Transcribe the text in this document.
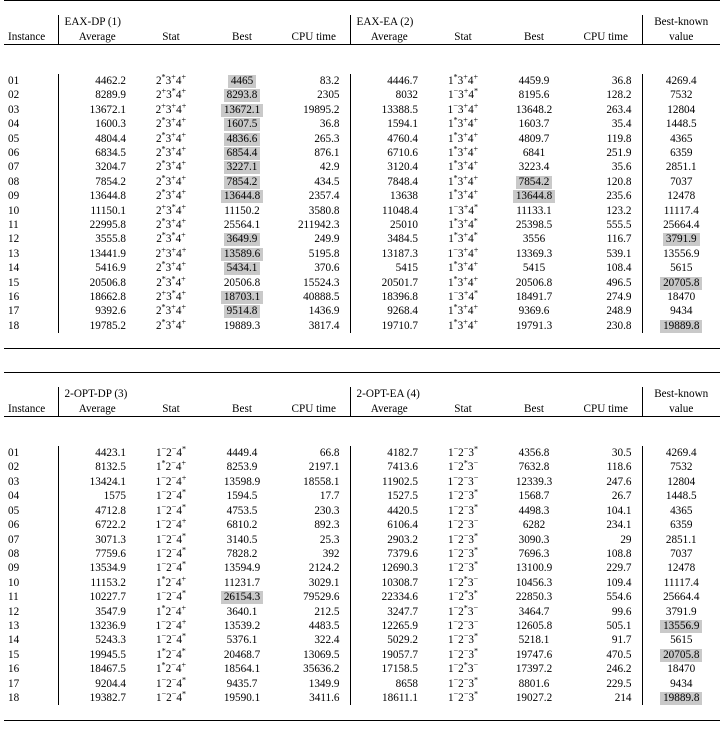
Instance	EAX-DP (1)				EAX-EA (2)				Best-known
	Average	Stat	Best	CPU time	Average	Stat	Best	CPU time	value

01	4462.2	2*3+4+	4465	83.2	4446.7	1*3+4+	4459.9	36.8	4269.4
02	8289.9	2+3*4+	8293.8	2305	8032	1−3+4*	8195.6	128.2	7532
03	13672.1	2+3+4+	13672.1	19895.2	13388.5	1−3+4+	13648.2	263.4	12804
04	1600.3	2*3+4+	1607.5	36.8	1594.1	1*3+4+	1603.7	35.4	1448.5
05	4804.4	2*3+4+	4836.6	265.3	4760.4	1*3+4+	4809.7	119.8	4365
06	6834.5	2*3+4+	6854.4	876.1	6710.6	1*3+4+	6841	251.9	6359
07	3204.7	2*3+4+	3227.1	42.9	3120.4	1*3+4+	3223.4	35.6	2851.1
08	7854.2	2*3+4+	7854.2	434.5	7848.4	1*3+4+	7854.2	120.8	7037
09	13644.8	2*3+4+	13644.8	2357.4	13638	1*3+4+	13644.8	235.6	12478
10	11150.1	2+3*4+	11150.2	3580.8	11048.4	1−3+4*	11133.1	123.2	11117.4
11	22995.8	2*3+4+	25564.1	211942.3	25010	1*3+4*	25398.5	555.5	25664.4
12	3555.8	2*3*4+	3649.9	249.9	3484.5	1*3+4*	3556	116.7	3791.9
13	13441.9	2+3+4+	13589.6	5195.8	13187.3	1−3+4+	13369.3	539.1	13556.9
14	5416.9	2*3+4+	5434.1	370.6	5415	1*3+4+	5415	108.4	5615
15	20506.8	2*3*4+	20506.8	15524.3	20501.7	1*3+4+	20506.8	496.5	20705.8
16	18662.8	2+3*4+	18703.1	40888.5	18396.8	1−3+4*	18491.7	274.9	18470
17	9392.6	2*3+4+	9514.8	1436.9	9268.4	1*3+4+	9369.6	248.9	9434
18	19785.2	2*3+4+	19889.3	3817.4	19710.7	1*3+4+	19791.3	230.8	19889.8

Instance	2-OPT-DP (3)				2-OPT-EA (4)				Best-known
	Average	Stat	Best	CPU time	Average	Stat	Best	CPU time	value

01	4423.1	1−2−4*	4449.4	66.8	4182.7	1−2−3*	4356.8	30.5	4269.4
02	8132.5	1*2−4+	8253.9	2197.1	7413.6	1−2*3−	7632.8	118.6	7532
03	13424.1	1−2−4+	13598.9	18558.1	11902.5	1−2−3−	12339.3	247.6	12804
04	1575	1−2−4*	1594.5	17.7	1527.5	1−2−3*	1568.7	26.7	1448.5
05	4712.8	1−2−4*	4753.5	230.3	4420.5	1−2−3*	4498.3	104.1	4365
06	6722.2	1−2−4+	6810.2	892.3	6106.4	1−2−3−	6282	234.1	6359
07	3071.3	1−2−4*	3140.5	25.3	2903.2	1−2−3*	3090.3	29	2851.1
08	7759.6	1−2−4*	7828.2	392	7379.6	1−2−3*	7696.3	108.8	7037
09	13534.9	1−2−4*	13594.9	2124.2	12690.3	1−2−3*	13100.9	229.7	12478
10	11153.2	1*2−4+	11231.7	3029.1	10308.7	1−2*3−	10456.3	109.4	11117.4
11	10227.7	1−2−4*	26154.3	79529.6	22334.6	1−2*3*	22850.3	554.6	25664.4
12	3547.9	1*2−4+	3640.1	212.5	3247.7	1−2*3−	3464.7	99.6	3791.9
13	13236.9	1−2−4+	13539.2	4483.5	12265.9	1−2−3−	12605.8	505.1	13556.9
14	5243.3	1−2−4*	5376.1	322.4	5029.2	1−2−3*	5218.1	91.7	5615
15	19945.5	1*2−4*	20468.7	13069.5	19057.7	1−2−3*	19747.6	470.5	20705.8
16	18467.5	1*2−4+	18564.1	35636.2	17158.5	1−2*3−	17397.2	246.2	18470
17	9204.4	1−2−4*	9435.7	1349.9	8658	1−2−3*	8801.6	229.5	9434
18	19382.7	1−2−4*	19590.1	3411.6	18611.1	1−2−3*	19027.2	214	19889.8
